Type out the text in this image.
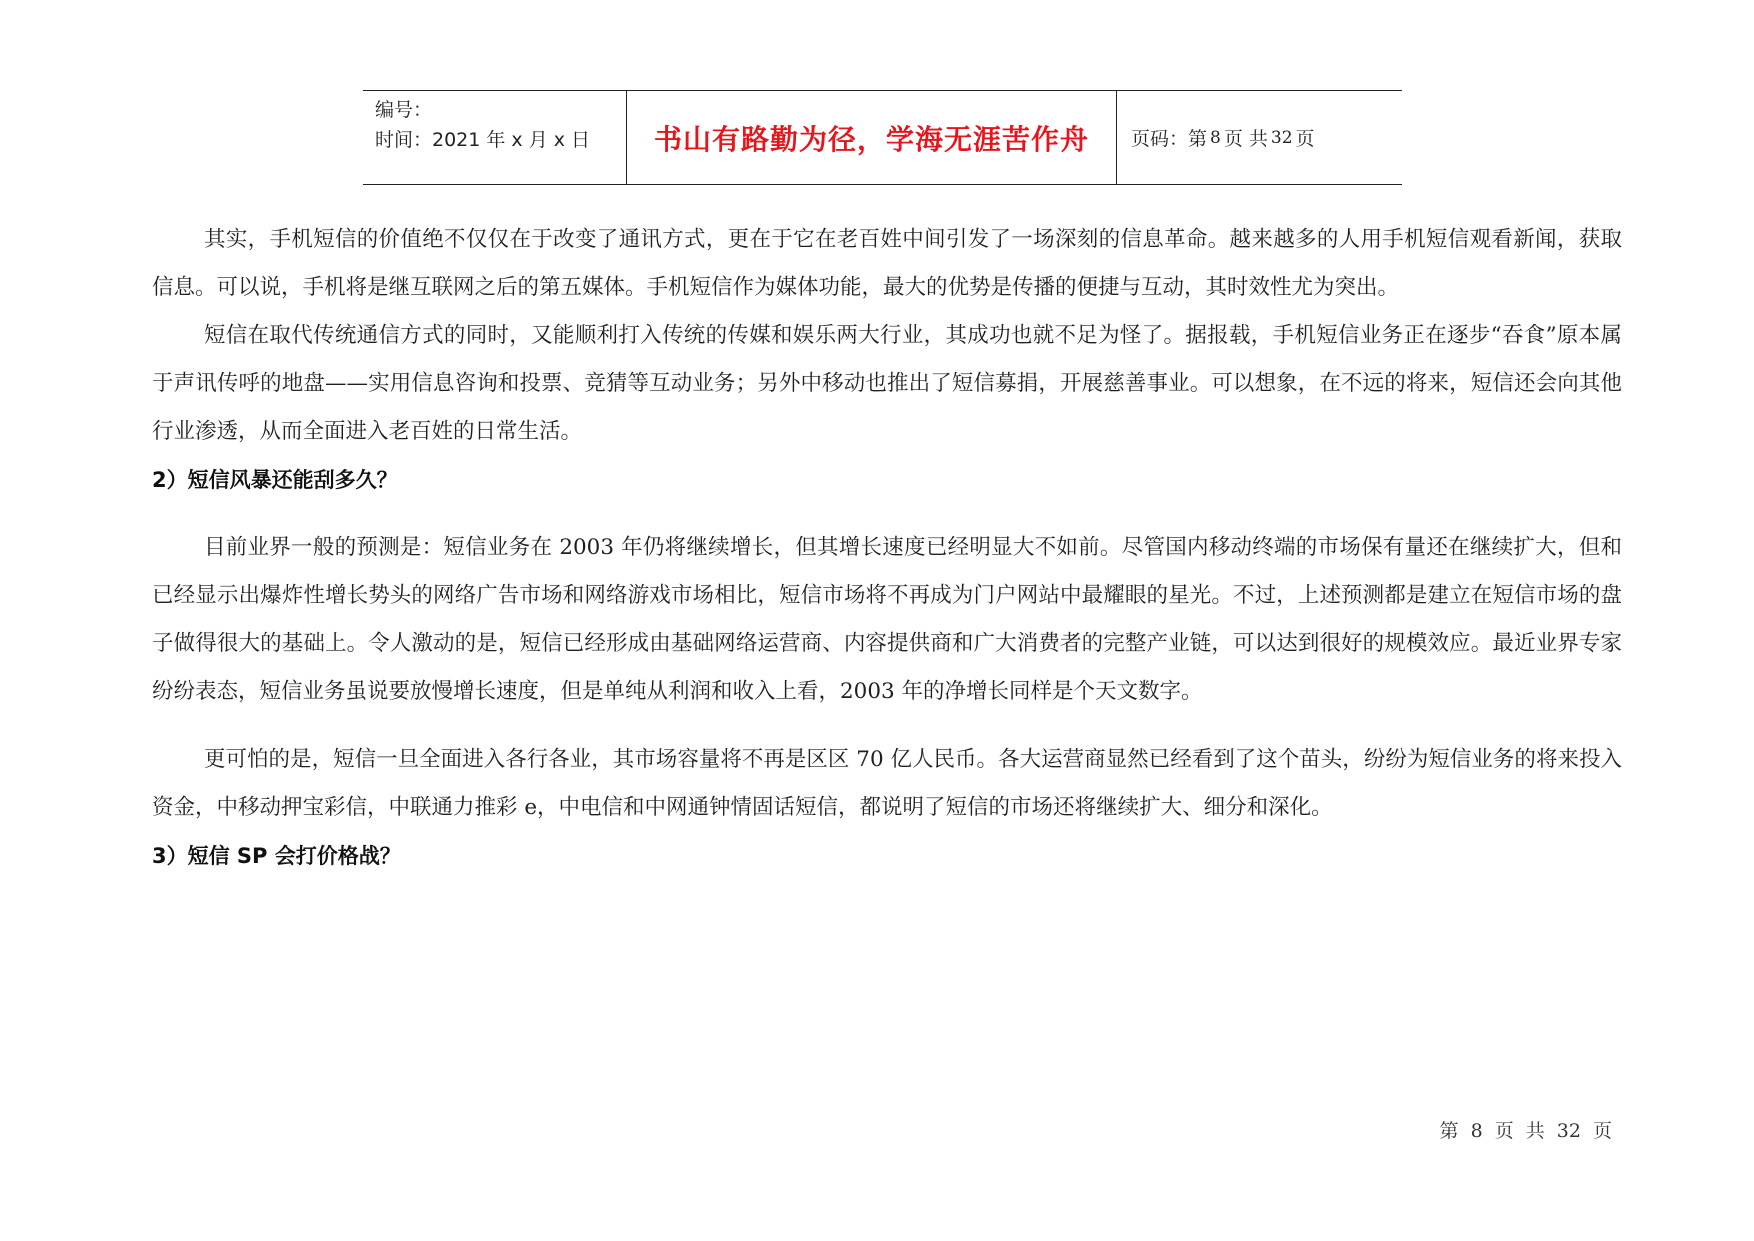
编号：
时间：2021 年 x 月 x 日	书山有路勤为径，学海无涯苦作舟 页码：第 8 页 共 32 页

其实，手机短信的价值绝不仅仅在于改变了通讯方式，更在于它在老百姓中间引发了一场深刻的信息革命。越来越多的人用手机短信观看新闻，获取信息。可以说，手机将是继互联网之后的第五媒体。手机短信作为媒体功能，最大的优势是传播的便捷与互动，其时效性尤为突出。

短信在取代传统通信方式的同时，又能顺利打入传统的传媒和娱乐两大行业，其成功也就不足为怪了。据报载，手机短信业务正在逐步“吞食”原本属于声讯传呼的地盘——实用信息咨询和投票、竞猜等互动业务；另外中移动也推出了短信募捐，开展慈善事业。可以想象，在不远的将来，短信还会向其他行业渗透，从而全面进入老百姓的日常生活。

2）短信风暴还能刮多久？

目前业界一般的预测是：短信业务在 2003 年仍将继续增长，但其增长速度已经明显大不如前。尽管国内移动终端的市场保有量还在继续扩大，但和已经显示出爆炸性增长势头的网络广告市场和网络游戏市场相比，短信市场将不再成为门户网站中最耀眼的星光。不过，上述预测都是建立在短信市场的盘子做得很大的基础上。令人激动的是，短信已经形成由基础网络运营商、内容提供商和广大消费者的完整产业链，可以达到很好的规模效应。最近业界专家纷纷表态，短信业务虽说要放慢增长速度，但是单纯从利润和收入上看，2003 年的净增长同样是个天文数字。

更可怕的是，短信一旦全面进入各行各业，其市场容量将不再是区区 70 亿人民币。各大运营商显然已经看到了这个苗头，纷纷为短信业务的将来投入资金，中移动押宝彩信，中联通力推彩 e，中电信和中网通钟情固话短信，都说明了短信的市场还将继续扩大、细分和深化。

3）短信 SP 会打价格战？

第 8 页 共 32 页
